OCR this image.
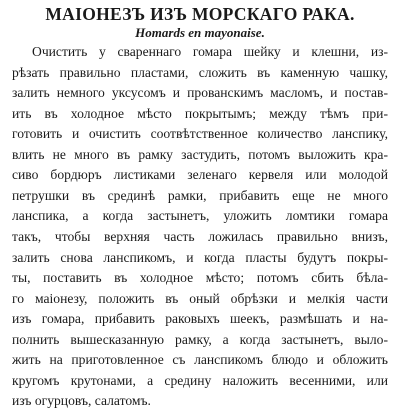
МАІОНЕЗЪ ИЗЪ МОРСКАГО РАКА.
Homards en mayonaise.
Очистить у свареннаго гомара шейку и клешни, из-
рѣзать правильно пластами, сложить въ каменную чашку,
залить немного уксусомъ и прованскимъ масломъ, и постав-
ить въ холодное мѣсто покрытымъ; между тѣмъ при-
готовить и очистить соотвѣтственное количество ланспику,
влить не много въ рамку застудить, потомъ выложить кра-
сиво бордюръ листиками зеленаго кервеля или молодой
петрушки въ срединѣ рамки, прибавить еще не много
ланспика, а когда застынетъ, уложить ломтики гомара
такъ, чтобы верхняя часть ложилась правильно внизъ,
залить снова ланспикомъ, и когда пласты будутъ покры-
ты, поставить въ холодное мѣсто; потомъ сбить бѣла-
го маіонезу, положить въ оный обрѣзки и мелкія части
изъ гомара, прибавить раковыхъ шеекъ, размѣшать и на-
полнить вышесказанную рамку, а когда застынетъ, выло-
жить на приготовленное съ ланспикомъ блюдо и обложить
кругомъ крутонами, а средину наложить весенними, или
изъ огурцовъ, салатомъ.
